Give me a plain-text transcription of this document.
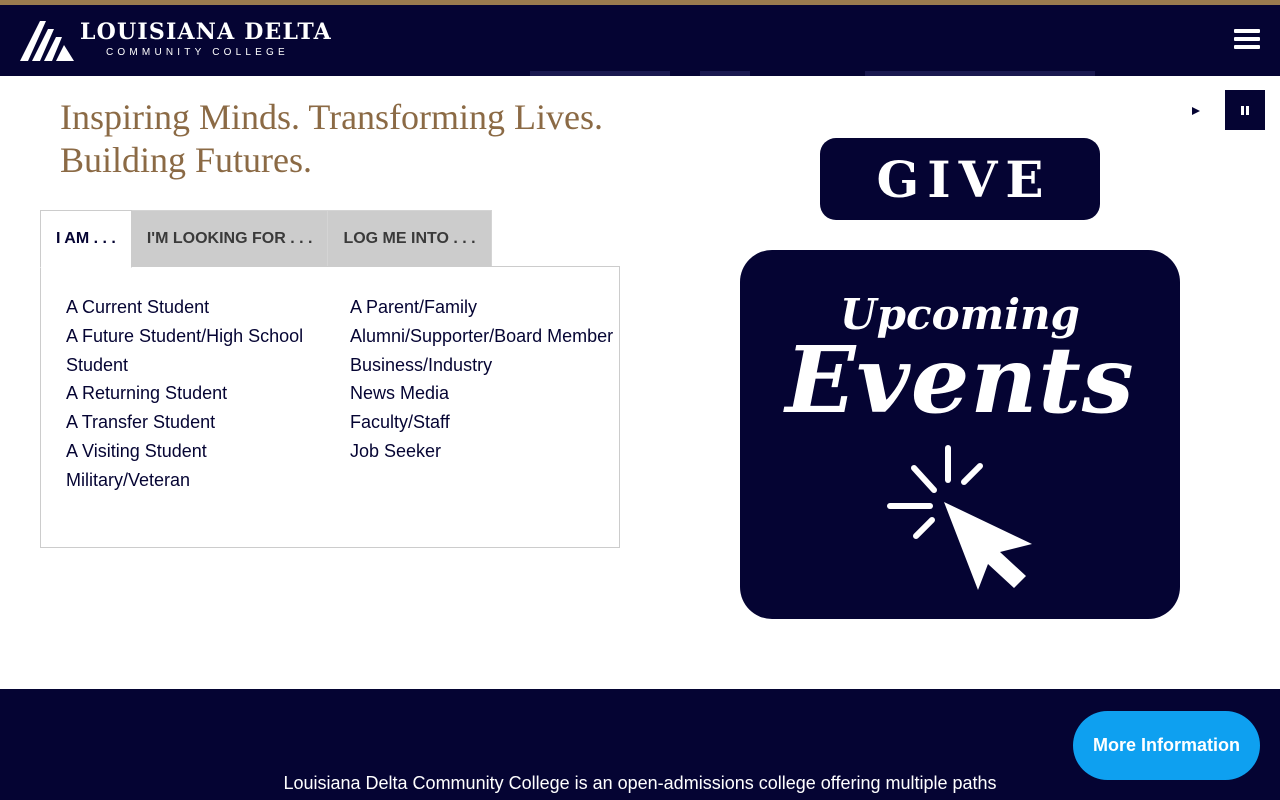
LOUISIANA DELTA
COMMUNITY COLLEGE
Inspiring Minds. Transforming Lives.
Building Futures.
I AM . . .	I'M LOOKING FOR . . .	LOG ME INTO . . .
A Current Student
A Future Student/High School Student
A Returning Student
A Transfer Student
A Visiting Student
Military/Veteran
A Parent/Family
Alumni/Supporter/Board Member
Business/Industry
News Media
Faculty/Staff
Job Seeker
GIVE
Upcoming
Events
Louisiana Delta Community College is an open-admissions college offering multiple paths
More Information
